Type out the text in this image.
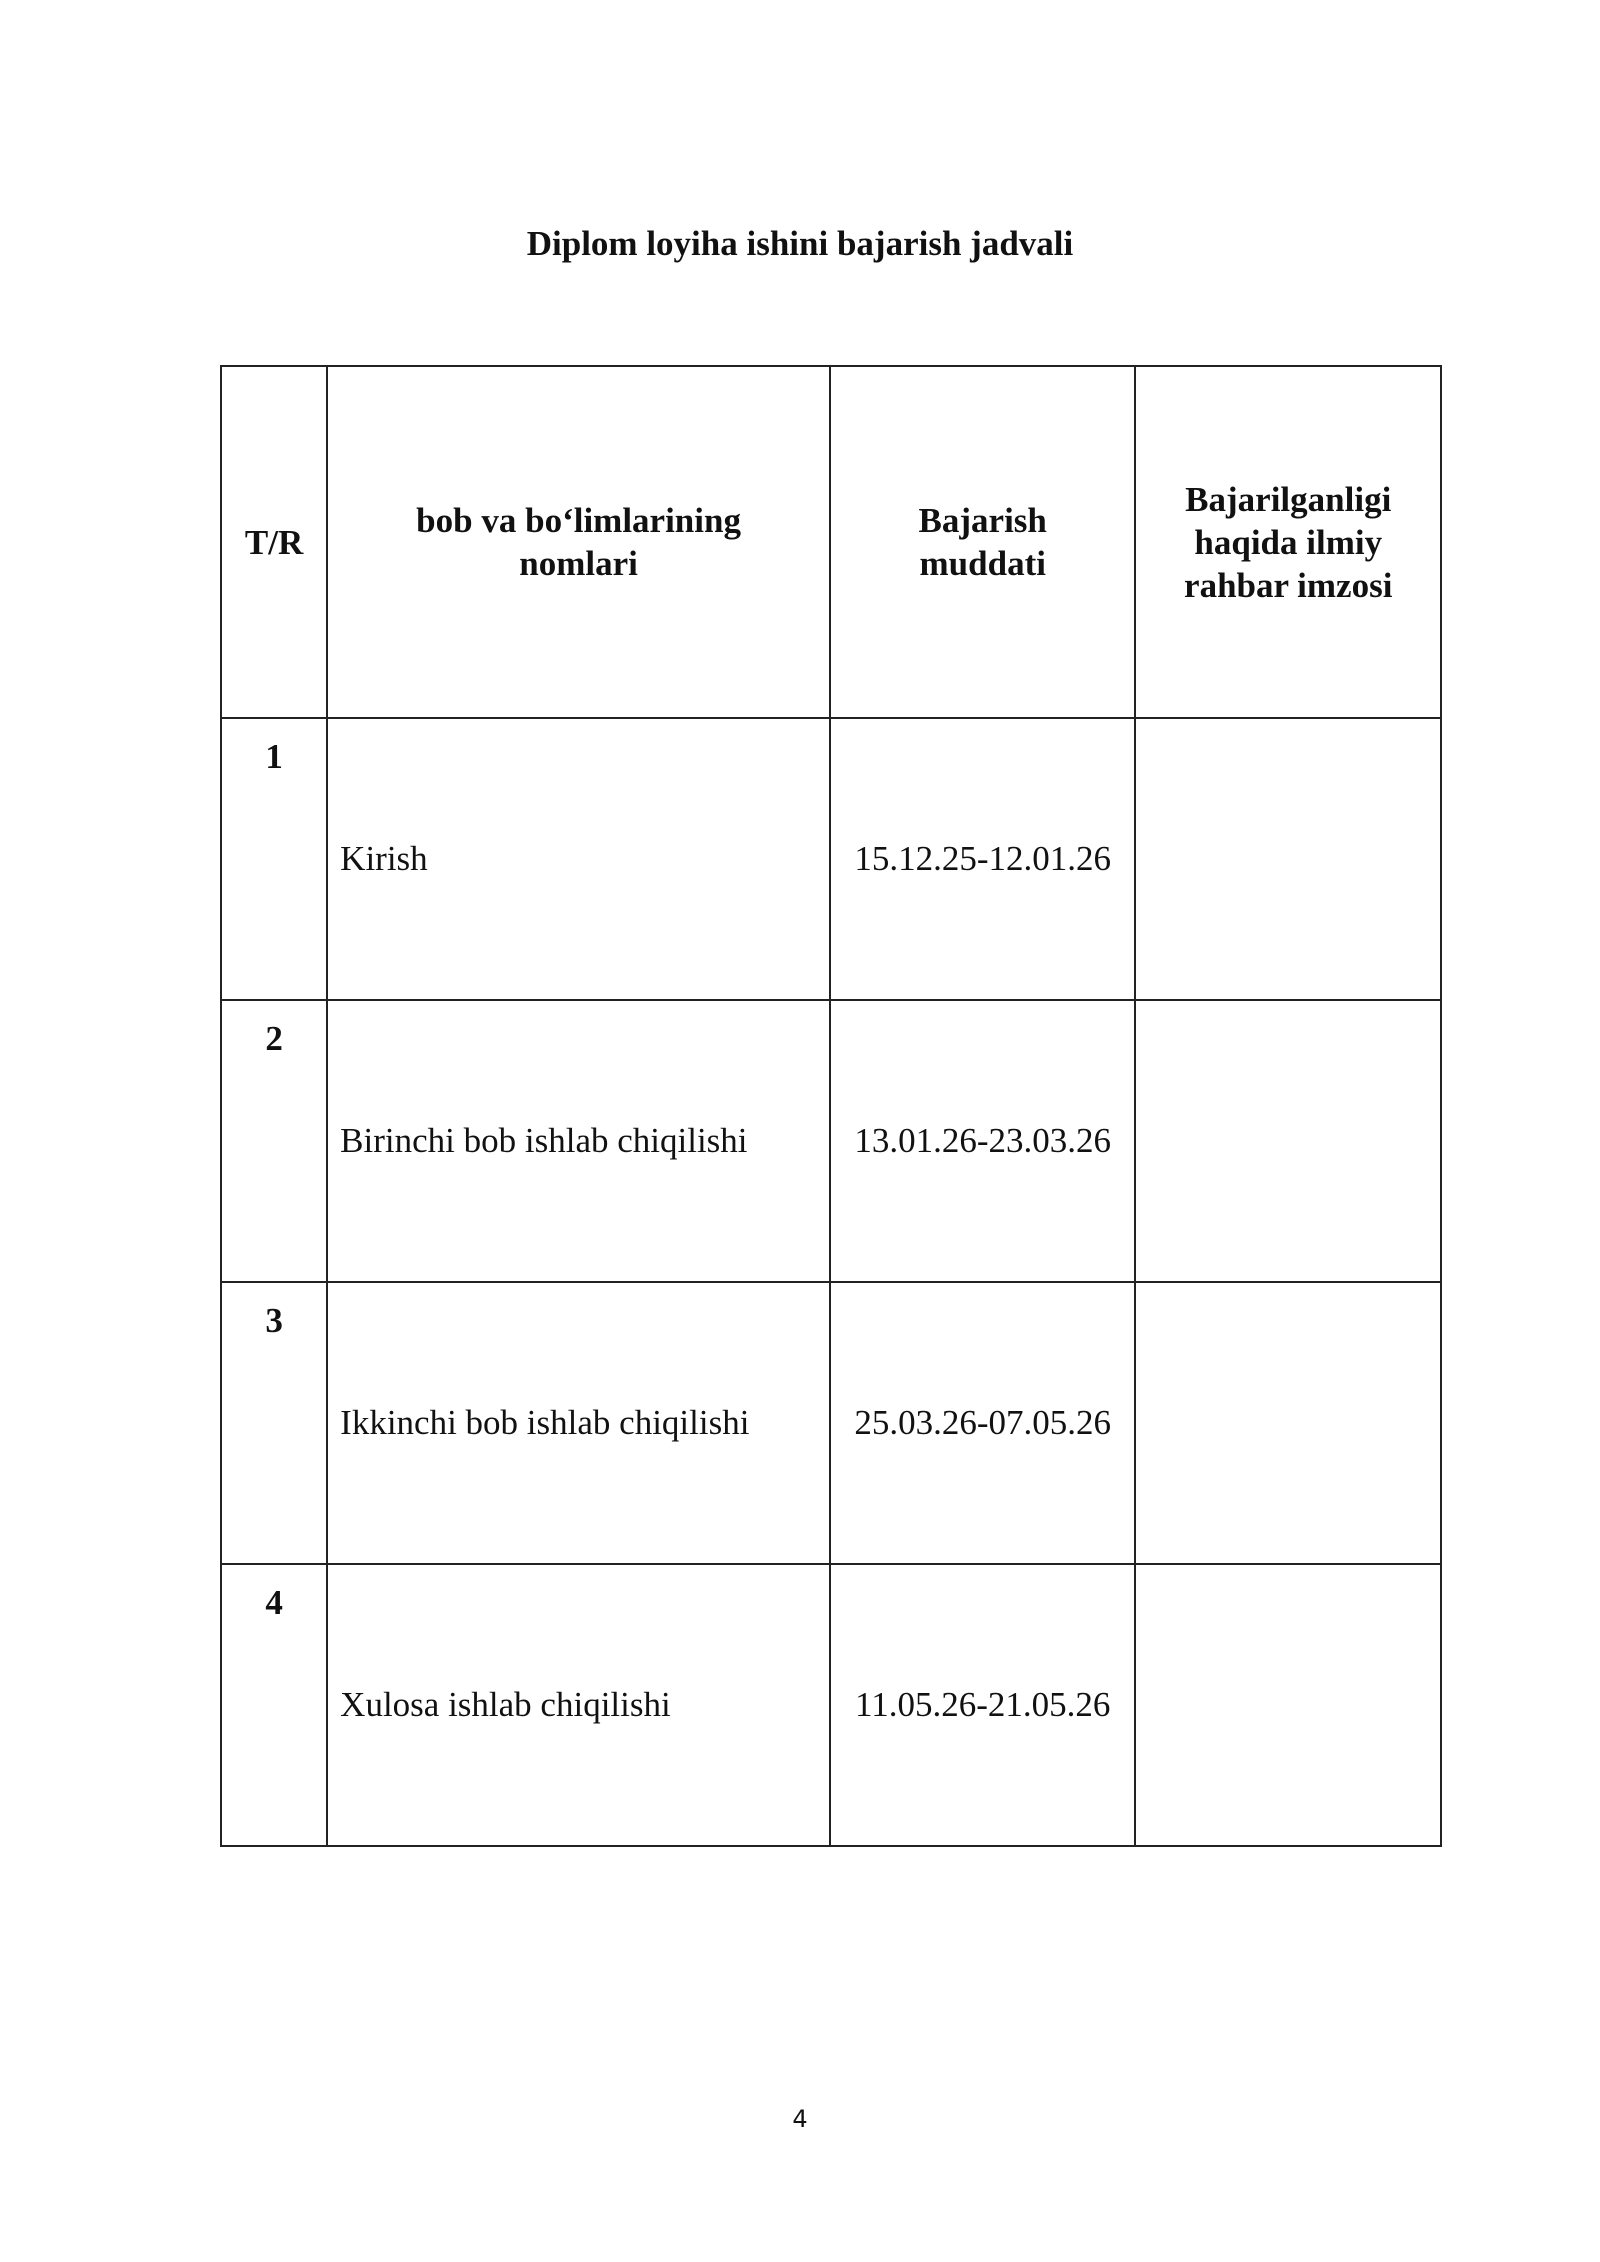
Diplom loyiha ishini bajarish jadvali
T/R	bob va bo‘limlarining nomlari	Bajarish muddati	Bajarilganligi haqida ilmiy rahbar imzosi
1	Kirish	15.12.25-12.01.26	
2	Birinchi bob ishlab chiqilishi	13.01.26-23.03.26	
3	Ikkinchi bob ishlab chiqilishi	25.03.26-07.05.26	
4	Xulosa ishlab chiqilishi	11.05.26-21.05.26	
4
